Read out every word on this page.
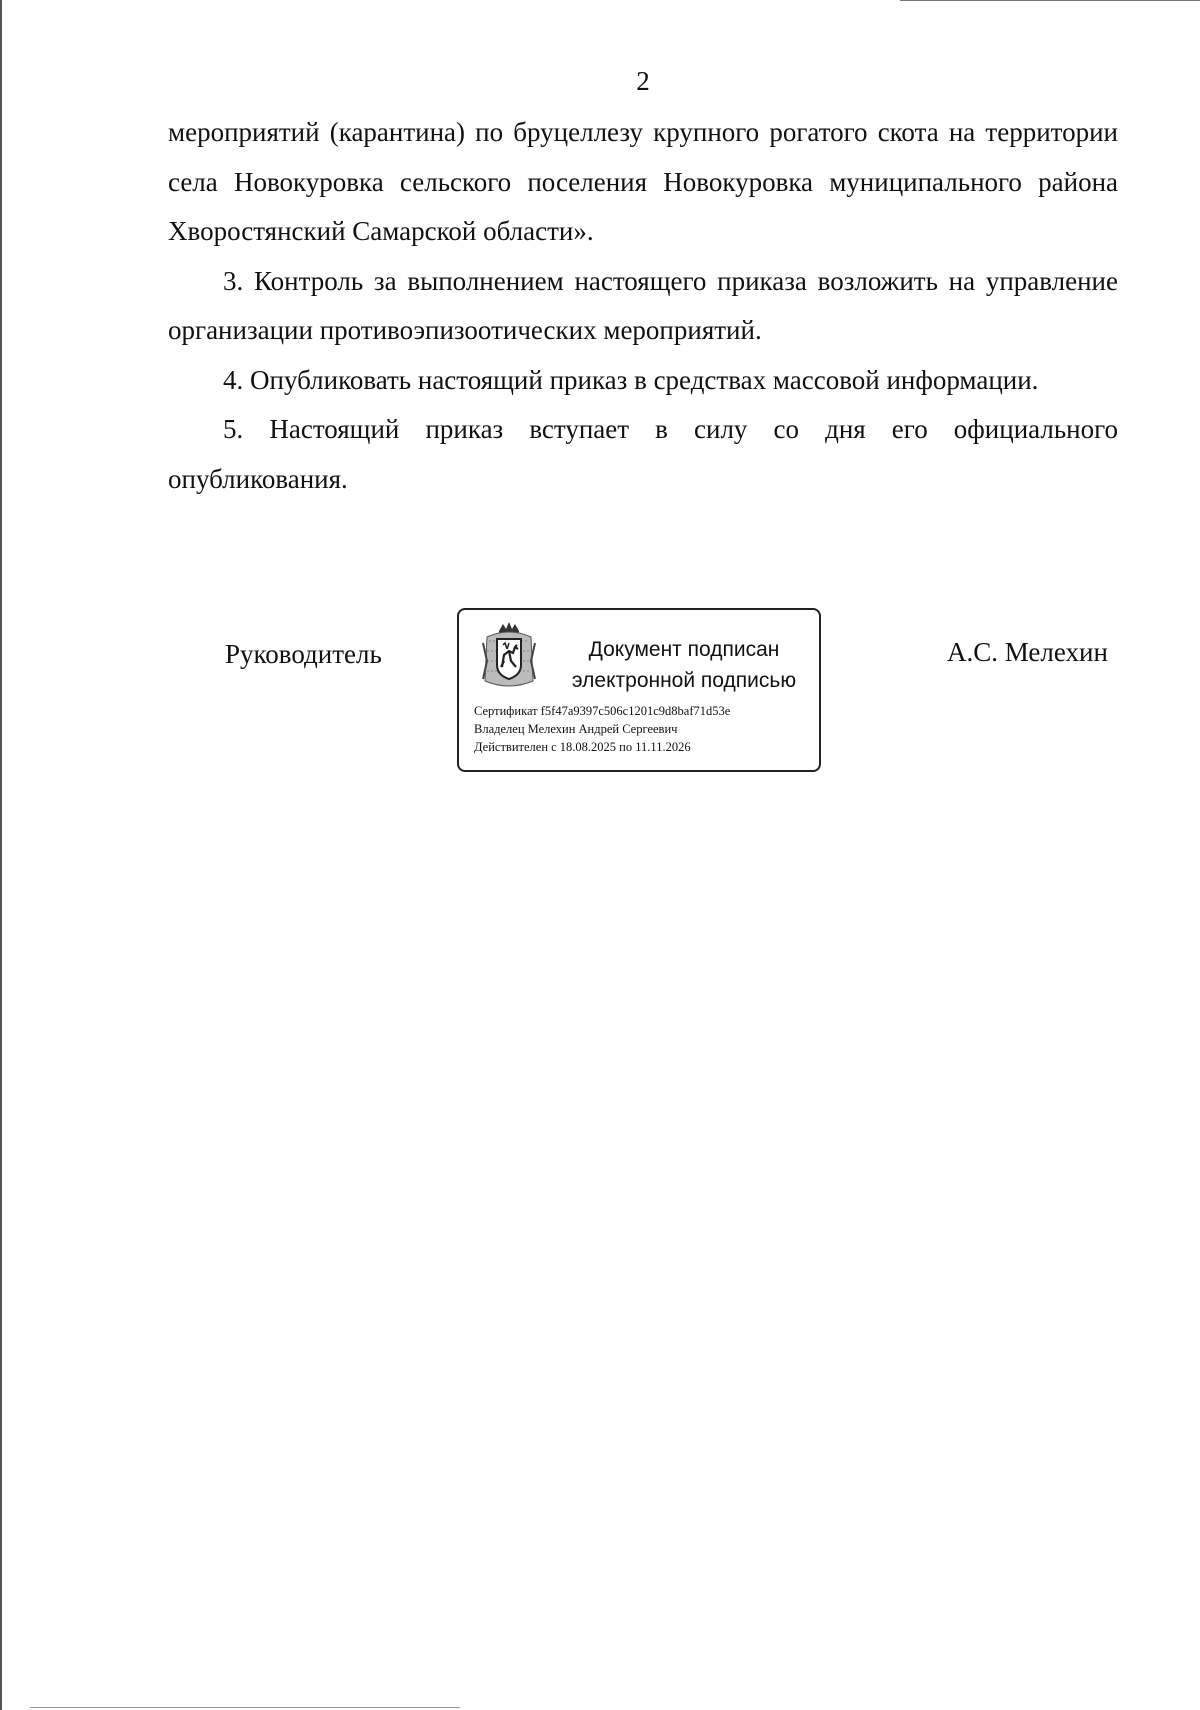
2

мероприятий (карантина) по бруцеллезу крупного рогатого скота на территории села Новокуровка сельского поселения Новокуровка муниципального района Хворостянский Самарской области».

3. Контроль за выполнением настоящего приказа возложить на управление организации противоэпизоотических мероприятий.

4. Опубликовать настоящий приказ в средствах массовой информации.

5. Настоящий приказ вступает в силу со дня его официального опубликования.

Руководитель	Документ подписан
электронной подписью
Сертификат f5f47a9397c506c1201c9d8baf71d53e
Владелец Мелехин Андрей Сергеевич
Действителен с 18.08.2025 по 11.11.2026
А.С. Мелехин
